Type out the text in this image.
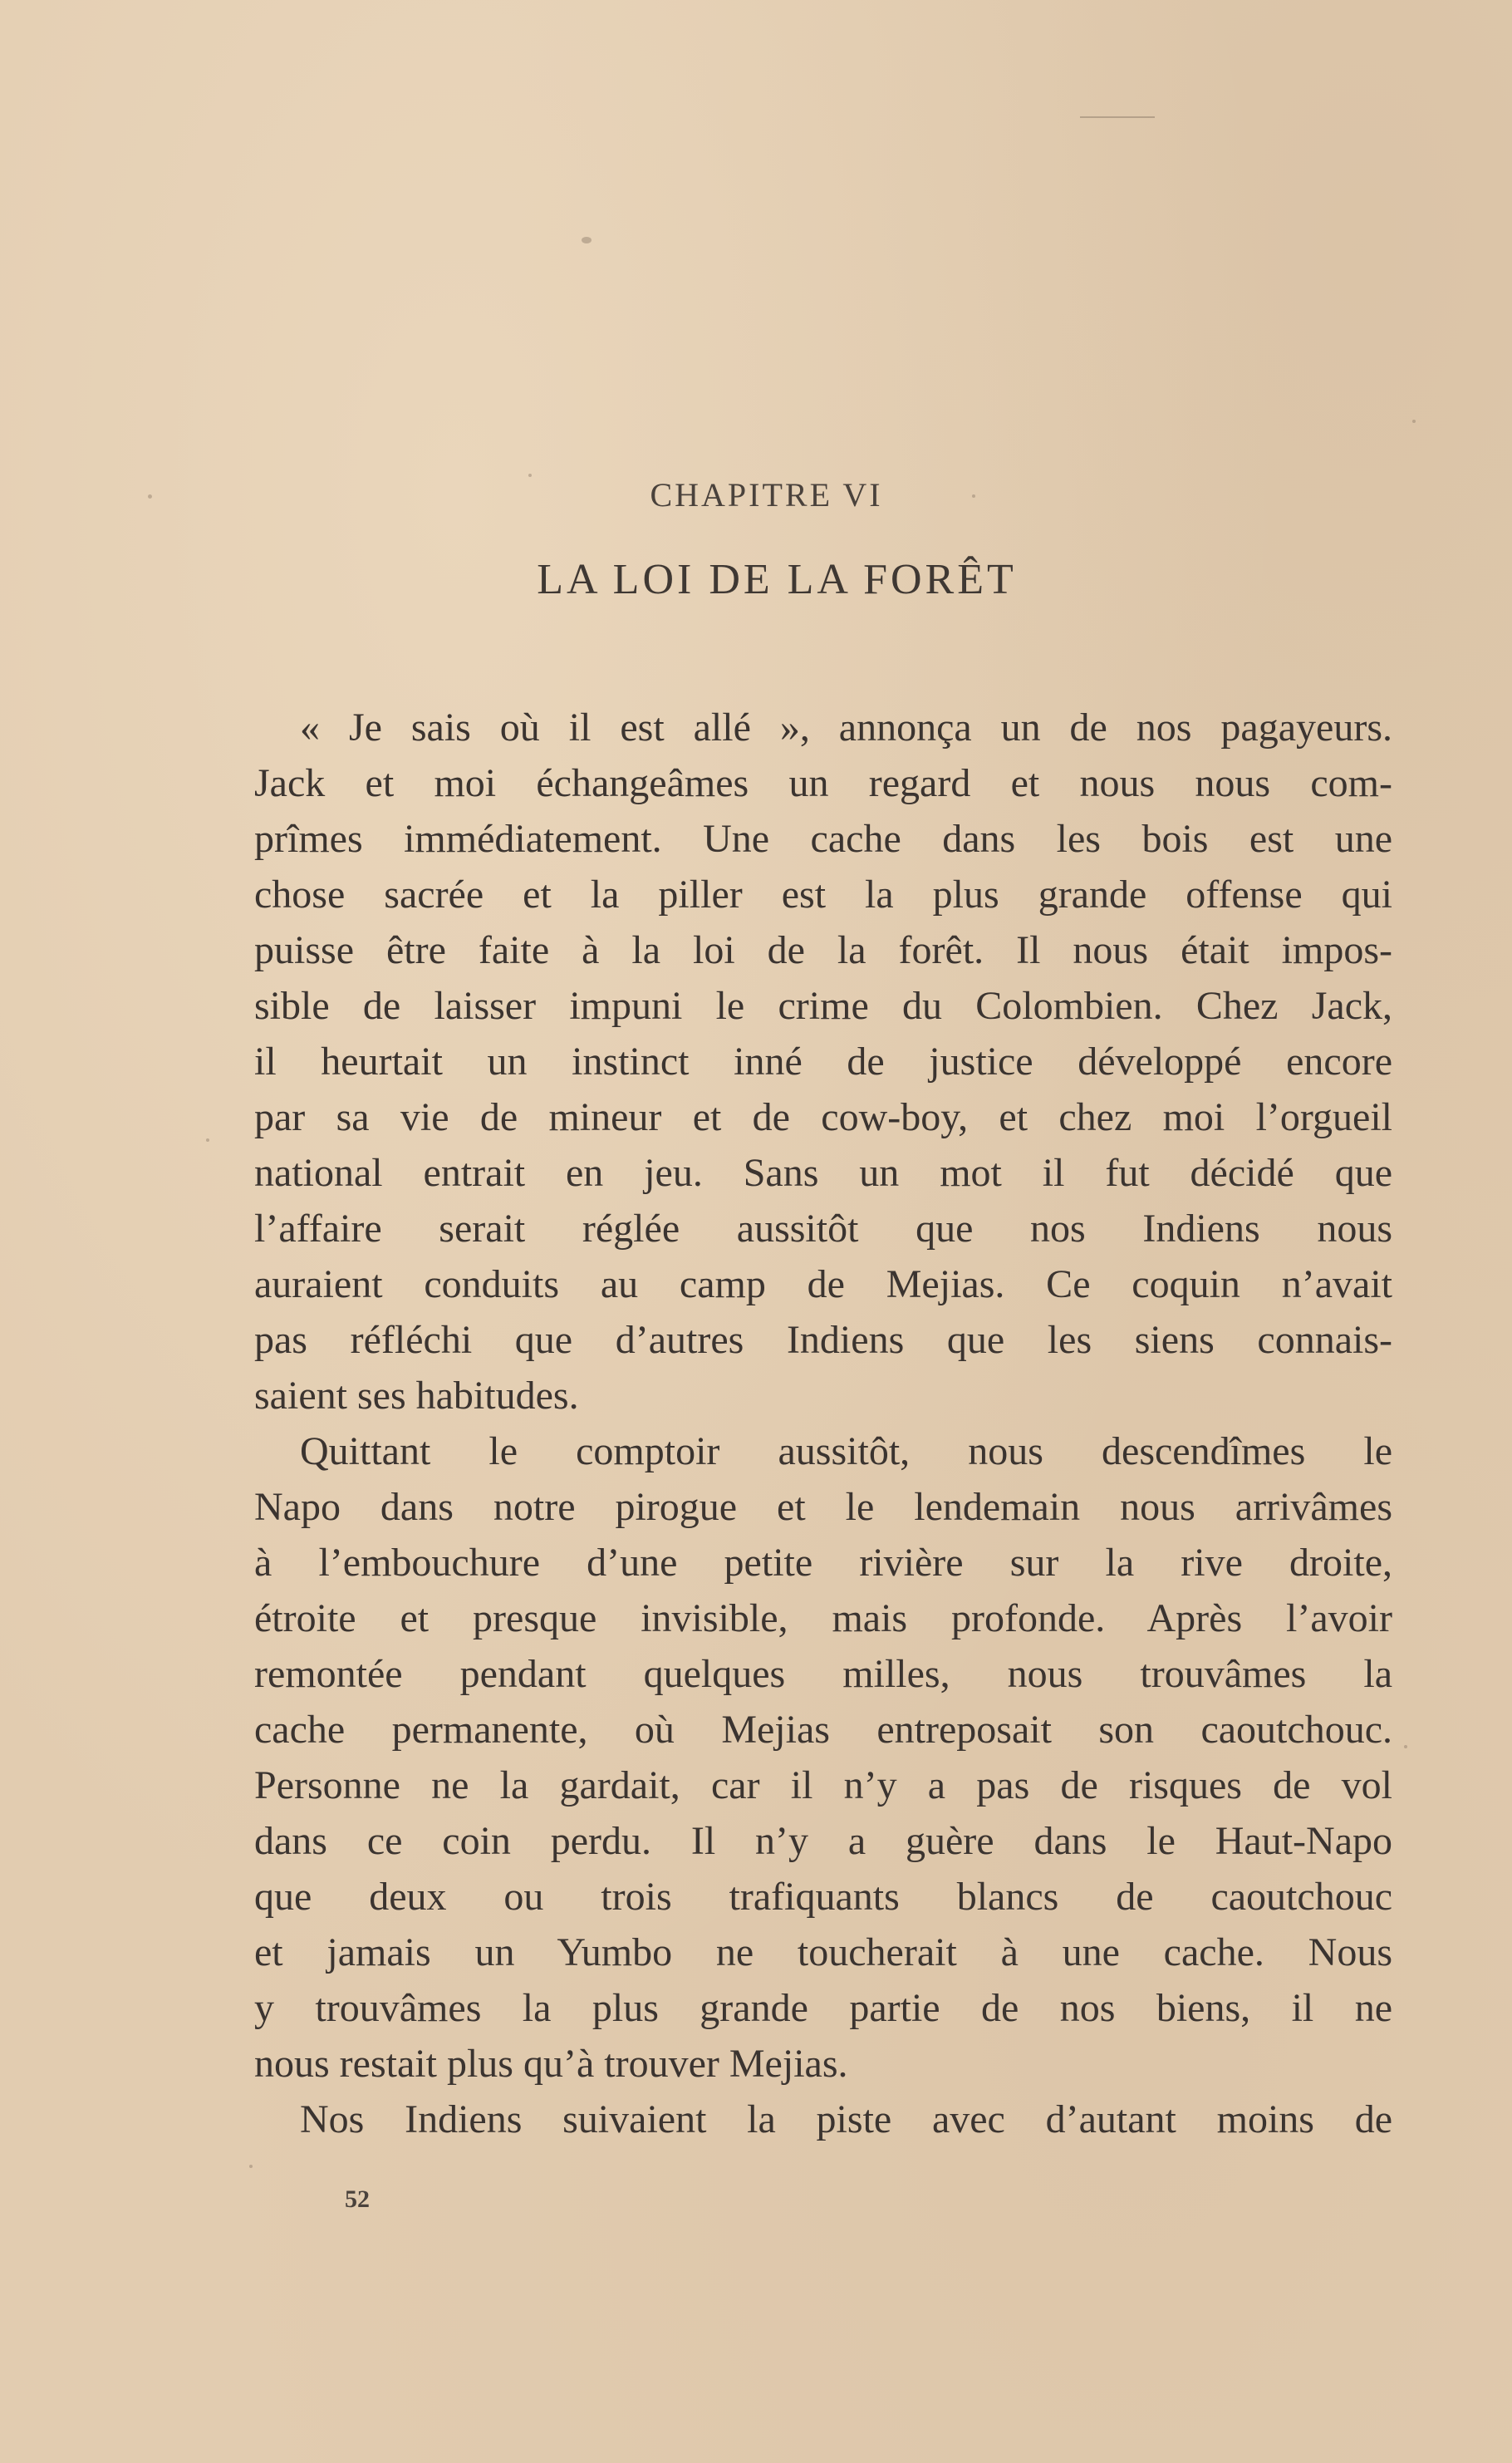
CHAPITRE VI
LA LOI DE LA FORÊT
« Je sais où il est allé », annonça un de nos pagayeurs.
Jack et moi échangeâmes un regard et nous nous com-
prîmes immédiatement. Une cache dans les bois est une
chose sacrée et la piller est la plus grande offense qui
puisse être faite à la loi de la forêt. Il nous était impos-
sible de laisser impuni le crime du Colombien. Chez Jack,
il heurtait un instinct inné de justice développé encore
par sa vie de mineur et de cow-boy, et chez moi l’orgueil
national entrait en jeu. Sans un mot il fut décidé que
l’affaire serait réglée aussitôt que nos Indiens nous
auraient conduits au camp de Mejias. Ce coquin n’avait
pas réfléchi que d’autres Indiens que les siens connais-
saient ses habitudes.
Quittant le comptoir aussitôt, nous descendîmes le
Napo dans notre pirogue et le lendemain nous arrivâmes
à l’embouchure d’une petite rivière sur la rive droite,
étroite et presque invisible, mais profonde. Après l’avoir
remontée pendant quelques milles, nous trouvâmes la
cache permanente, où Mejias entreposait son caoutchouc.
Personne ne la gardait, car il n’y a pas de risques de vol
dans ce coin perdu. Il n’y a guère dans le Haut-Napo
que deux ou trois trafiquants blancs de caoutchouc
et jamais un Yumbo ne toucherait à une cache. Nous
y trouvâmes la plus grande partie de nos biens, il ne
nous restait plus qu’à trouver Mejias.
Nos Indiens suivaient la piste avec d’autant moins de
52
